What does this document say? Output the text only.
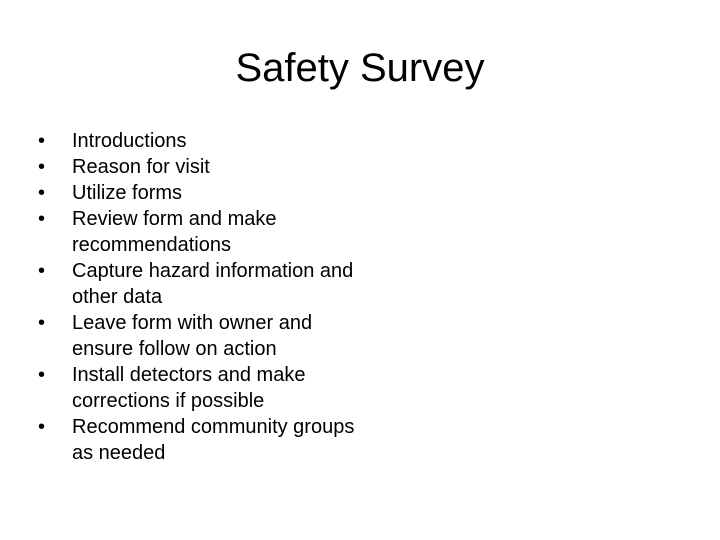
Safety Survey
•	Introductions
•	Reason for visit
•	Utilize forms
•	Review form and make recommendations
•	Capture hazard information and other data
•	Leave form with owner and ensure follow on action
•	Install detectors and make corrections if possible
•	Recommend community groups as needed
